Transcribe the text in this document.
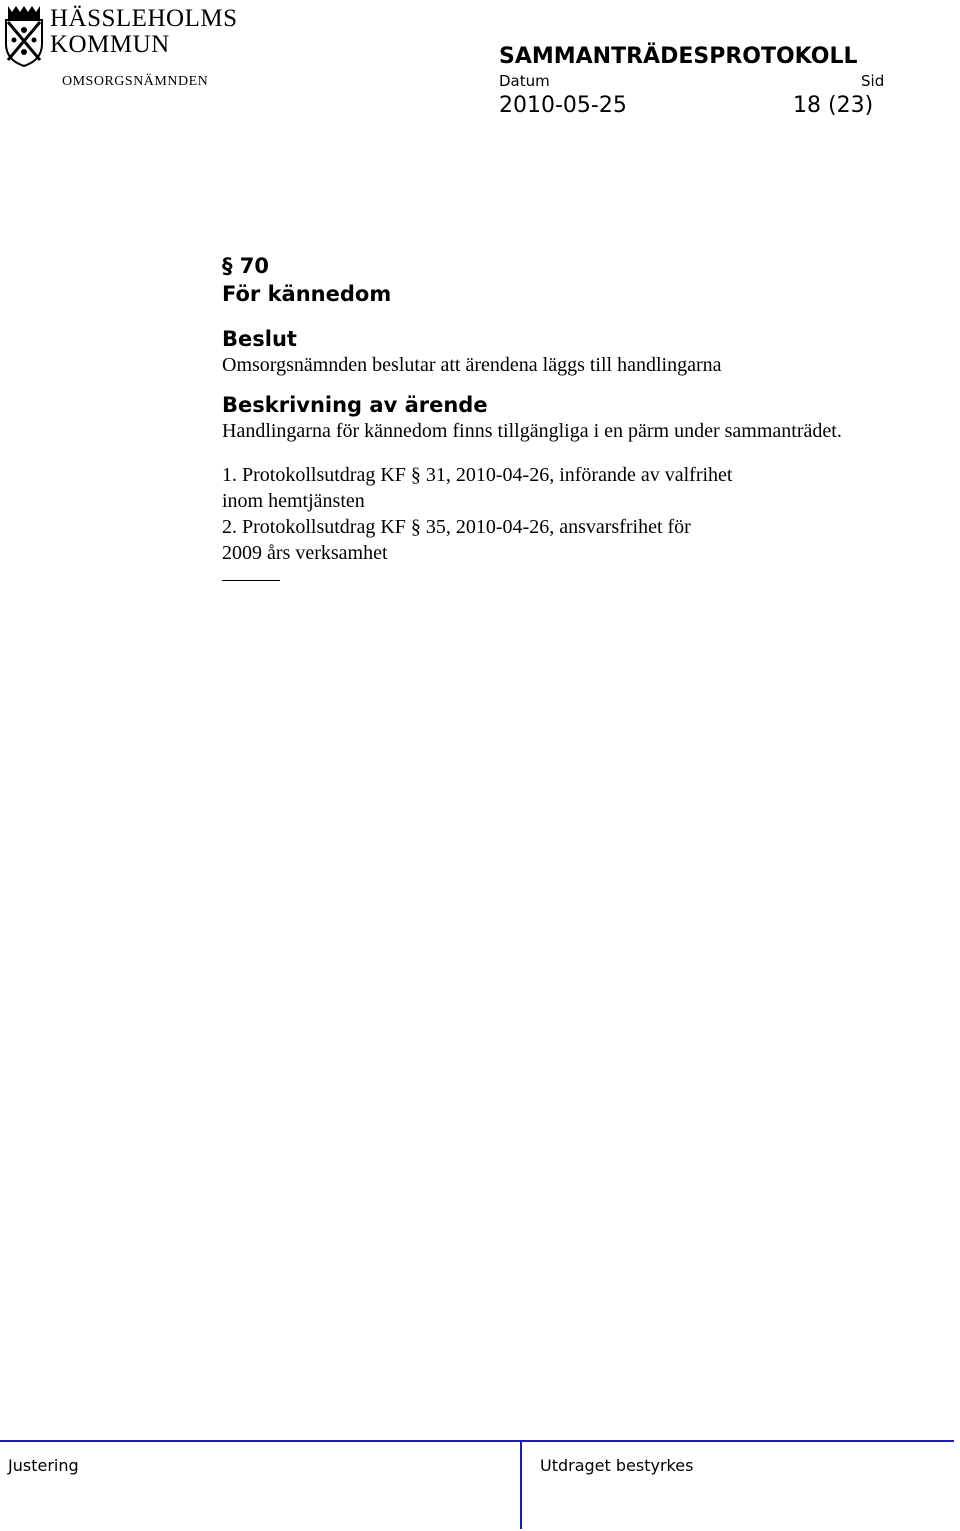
HÄSSLEHOLMS
KOMMUN
OMSORGSNÄMNDEN
SAMMANTRÄDESPROTOKOLL
Datum	Sid
2010-05-25	18 (23)
§ 70
För kännedom
Beslut
Omsorgsnämnden beslutar att ärendena läggs till handlingarna
Beskrivning av ärende
Handlingarna för kännedom finns tillgängliga i en pärm under sammanträdet.
1. Protokollsutdrag KF § 31, 2010-04-26, införande av valfrihet
inom hemtjänsten
2. Protokollsutdrag KF § 35, 2010-04-26, ansvarsfrihet för
2009 års verksamhet
Justering	Utdraget bestyrkes
